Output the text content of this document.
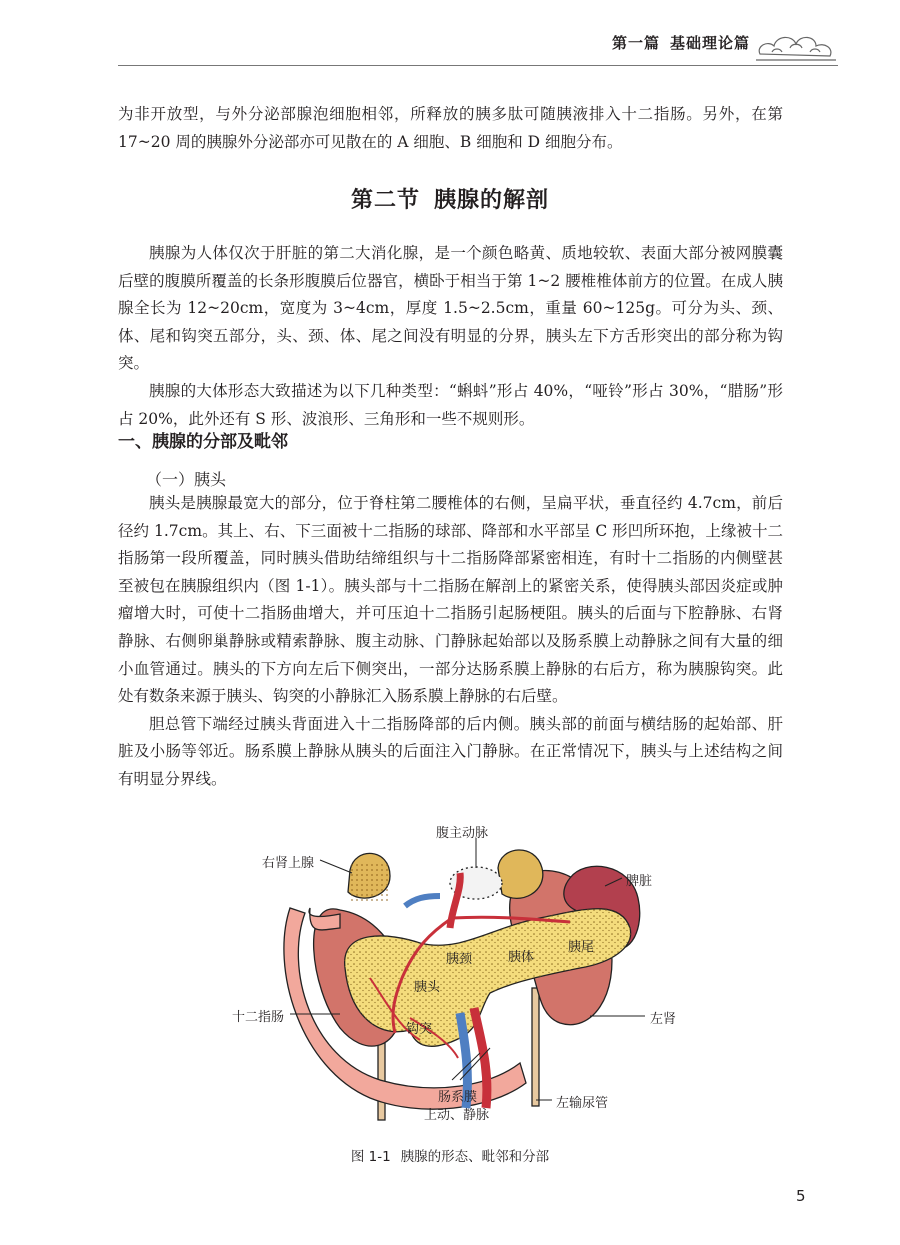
第一篇 基础理论篇

为非开放型，与外分泌部腺泡细胞相邻，所释放的胰多肽可随胰液排入十二指肠。另外，在第 17~20 周的胰腺外分泌部亦可见散在的 A 细胞、B 细胞和 D 细胞分布。

第二节 胰腺的解剖

胰腺为人体仅次于肝脏的第二大消化腺，是一个颜色略黄、质地较软、表面大部分被网膜囊后壁的腹膜所覆盖的长条形腹膜后位器官，横卧于相当于第 1~2 腰椎椎体前方的位置。在成人胰腺全长为 12~20cm，宽度为 3~4cm，厚度 1.5~2.5cm，重量 60~125g。可分为头、颈、体、尾和钩突五部分，头、颈、体、尾之间没有明显的分界，胰头左下方舌形突出的部分称为钩突。

胰腺的大体形态大致描述为以下几种类型：“蝌蚪”形占 40%，“哑铃”形占 30%，“腊肠”形占 20%，此外还有 S 形、波浪形、三角形和一些不规则形。

一、胰腺的分部及毗邻
（一）胰头

胰头是胰腺最宽大的部分，位于脊柱第二腰椎体的右侧，呈扁平状，垂直径约 4.7cm，前后径约 1.7cm。其上、右、下三面被十二指肠的球部、降部和水平部呈 C 形凹所环抱，上缘被十二指肠第一段所覆盖，同时胰头借助结缔组织与十二指肠降部紧密相连，有时十二指肠的内侧壁甚至被包在胰腺组织内（图 1-1）。胰头部与十二指肠在解剖上的紧密关系，使得胰头部因炎症或肿瘤增大时，可使十二指肠曲增大，并可压迫十二指肠引起肠梗阻。胰头的后面与下腔静脉、右肾静脉、右侧卵巢静脉或精索静脉、腹主动脉、门静脉起始部以及肠系膜上动静脉之间有大量的细小血管通过。胰头的下方向左后下侧突出，一部分达肠系膜上静脉的右后方，称为胰腺钩突。此处有数条来源于胰头、钩突的小静脉汇入肠系膜上静脉的右后壁。

胆总管下端经过胰头背面进入十二指肠降部的后内侧。胰头部的前面与横结肠的起始部、肝脏及小肠等邻近。肠系膜上静脉从胰头的后面注入门静脉。在正常情况下，胰头与上述结构之间有明显分界线。

腹主动脉
右肾上腺
脾脏
胰尾
胰颈	胰体
胰头
钩突
十二指肠	左肾
肠系膜
上动、静脉
左输尿管
图 1-1 胰腺的形态、毗邻和分部
5
